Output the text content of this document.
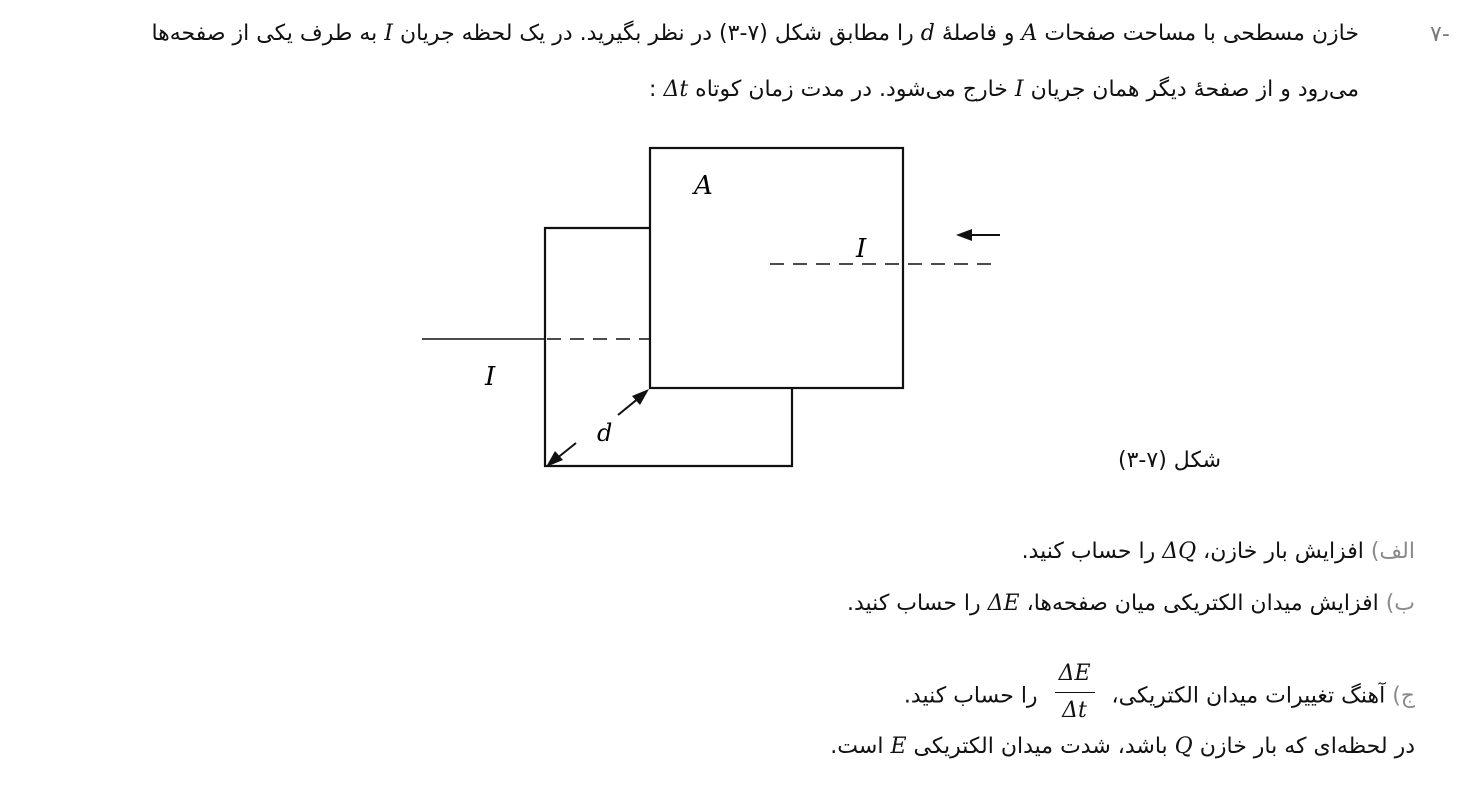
۷-
خازن مسطحی با مساحت صفحات A و فاصلهٔ d را مطابق شکل (۷-۳) در نظر بگیرید. در یک لحظه جریان I به طرف یکی از صفحه‌ها
می‌رود و از صفحهٔ دیگر همان جریان I خارج می‌شود. در مدت زمان کوتاه Δt :
A
I
I
d
شکل (۷-۳)
الف) افزایش بار خازن، ΔQ را حساب کنید.
ب) افزایش میدان الکتریکی میان صفحه‌ها، ΔE را حساب کنید.
ج) آهنگ تغییرات میدان الکتریکی،
$\frac{\Delta E}{\Delta t}$
را حساب کنید.
در لحظه‌ای که بار خازن Q باشد، شدت میدان الکتریکی E است.
